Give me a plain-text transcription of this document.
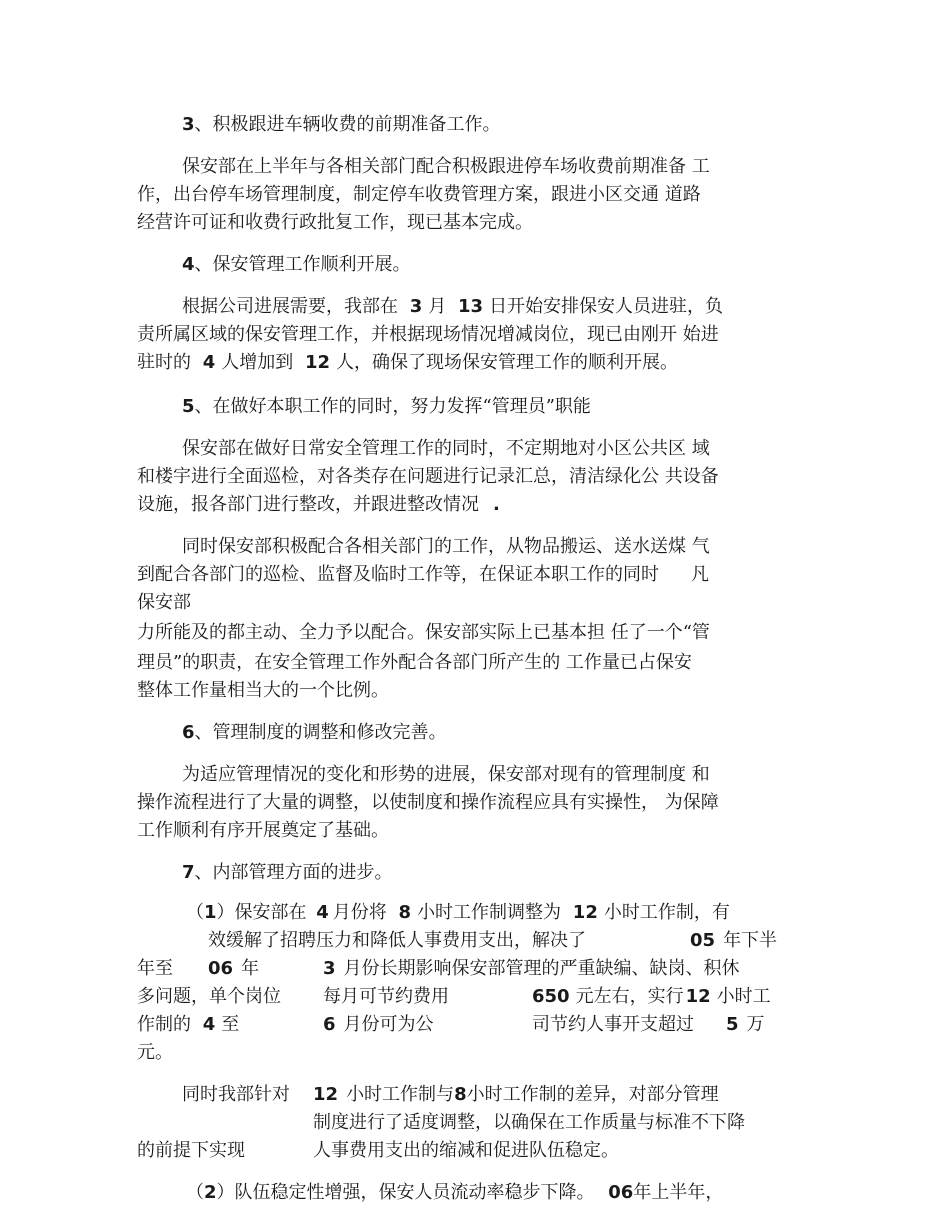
3、积极跟进车辆收费的前期准备工作。
保安部在上半年与各相关部门配合积极跟进停车场收费前期准备 工
作，出台停车场管理制度，制定停车收费管理方案，跟进小区交通 道路
经营许可证和收费行政批复工作，现已基本完成。
4、保安管理工作顺利开展。
根据公司进展需要，我部在 3 月 13 日开始安排保安人员进驻，负
责所属区域的保安管理工作，并根据现场情况增减岗位，现已由刚开 始进
驻时的 4 人增加到 12 人，确保了现场保安管理工作的顺利开展。
5、在做好本职工作的同时，努力发挥“管理员”职能
保安部在做好日常安全管理工作的同时，不定期地对小区公共区 域
和楼宇进行全面巡检，对各类存在问题进行记录汇总，清洁绿化公 共设备
设施，报各部门进行整改，并跟进整改情况 .
同时保安部积极配合各相关部门的工作，从物品搬运、送水送煤 气
到配合各部门的巡检、监督及临时工作等，在保证本职工作的同时 凡
保安部
力所能及的都主动、全力予以配合。保安部实际上已基本担 任了一个“管
理员”的职责，在安全管理工作外配合各部门所产生的 工作量已占保安
整体工作量相当大的一个比例。
6、管理制度的调整和修改完善。
为适应管理情况的变化和形势的进展，保安部对现有的管理制度 和
操作流程进行了大量的调整，以使制度和操作流程应具有实操性， 为保障
工作顺利有序开展奠定了基础。
7、内部管理方面的进步。
（1）保安部在 4 月份将 8 小时工作制调整为 12 小时工作制，有
效缓解了招聘压力和降低人事费用支出，解决了	05 年下半
年至 06 年	3 月份长期影响保安部管理的严重缺编、缺岗、积休
多问题，单个岗位 每月可节约费用	650 元左右，实行 12 小时工
作制的 4 至	6 月份可为公	司节约人事开支超过 5 万
元。
同时我部针对 12 小时工作制与8小时工作制的差异，对部分管理
制度进行了适度调整，以确保在工作质量与标准不下降
的前提下实现	人事费用支出的缩减和促进队伍稳定。
（2）队伍稳定性增强，保安人员流动率稳步下降。 06年上半年，
